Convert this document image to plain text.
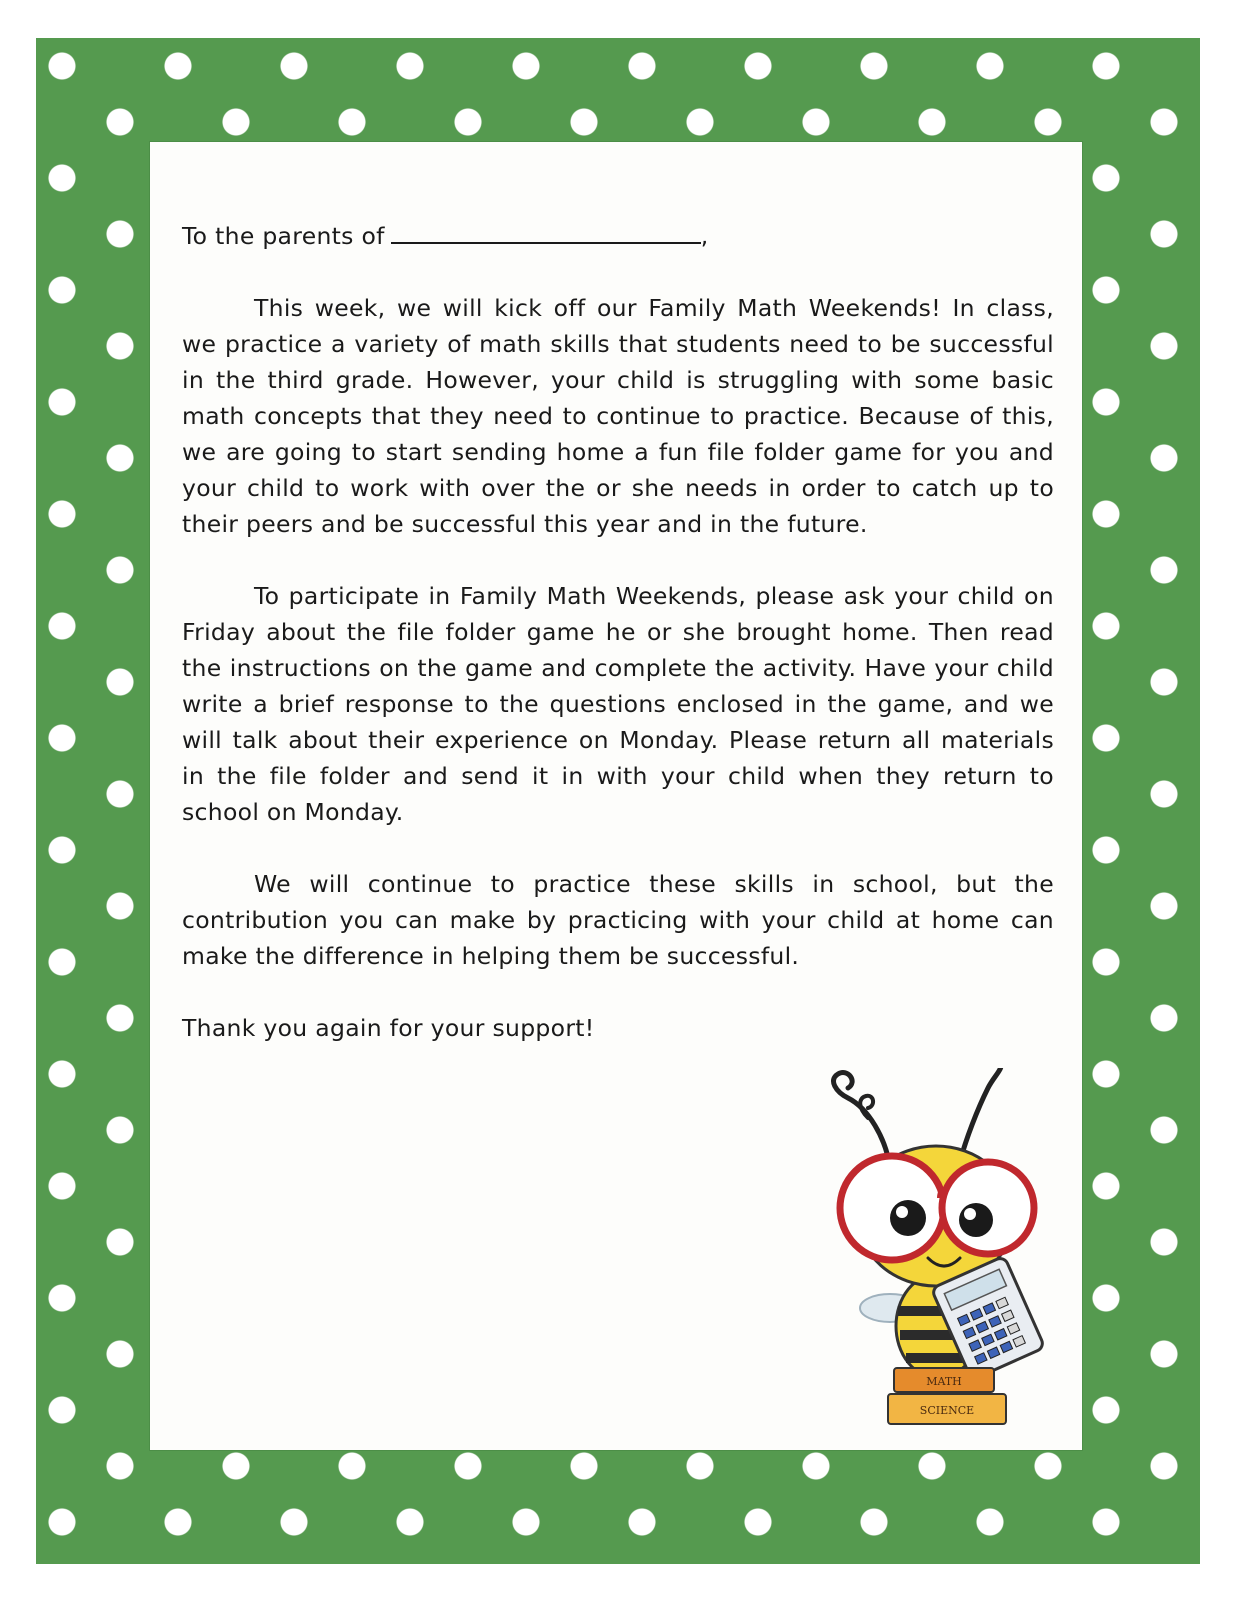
To the parents of	,

This week, we will kick off our Family Math Weekends! In class, we practice a variety of math skills that students need to be successful in the third grade. However, your child is struggling with some basic math concepts that they need to continue to practice. Because of this, we are going to start sending home a fun file folder game for you and your child to work with over the or she needs in order to catch up to their peers and be successful this year and in the future.

To participate in Family Math Weekends, please ask your child on Friday about the file folder game he or she brought home. Then read the instructions on the game and complete the activity. Have your child write a brief response to the questions enclosed in the game, and we will talk about their experience on Monday. Please return all materials in the file folder and send it in with your child when they return to school on Monday.

We will continue to practice these skills in school, but the contribution you can make by practicing with your child at home can make the difference in helping them be successful.

Thank you again for your support!

MATH
SCIENCE
